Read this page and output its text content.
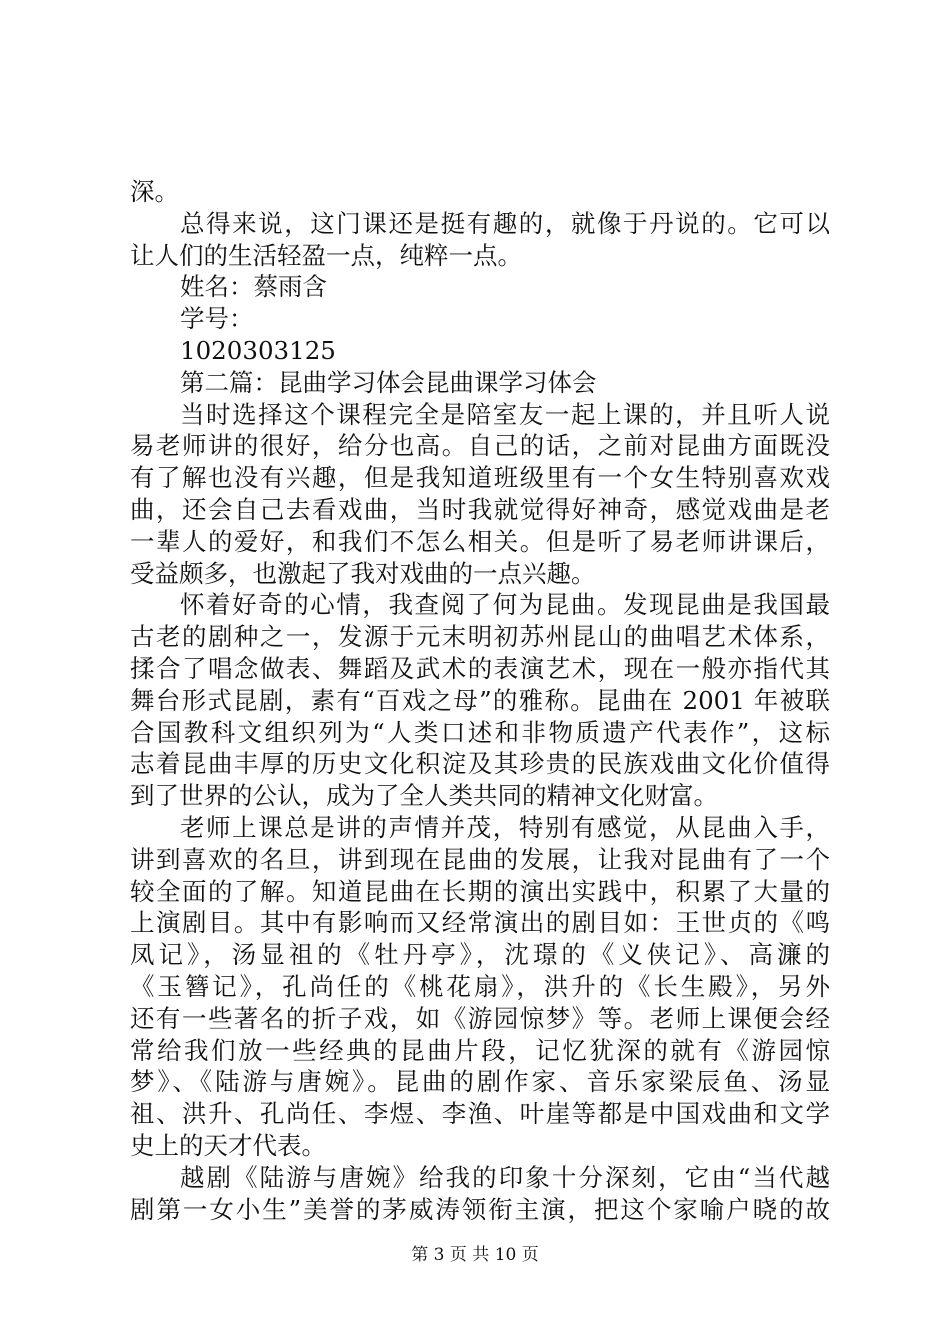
深。
总得来说，这门课还是挺有趣的，就像于丹说的。它可以
让人们的生活轻盈一点，纯粹一点。
姓名：蔡雨含
学号：
1020303125
第二篇：昆曲学习体会昆曲课学习体会
当时选择这个课程完全是陪室友一起上课的，并且听人说
易老师讲的很好，给分也高。自己的话，之前对昆曲方面既没
有了解也没有兴趣，但是我知道班级里有一个女生特别喜欢戏
曲，还会自己去看戏曲，当时我就觉得好神奇，感觉戏曲是老
一辈人的爱好，和我们不怎么相关。但是听了易老师讲课后，
受益颇多，也激起了我对戏曲的一点兴趣。
怀着好奇的心情，我查阅了何为昆曲。发现昆曲是我国最
古老的剧种之一，发源于元末明初苏州昆山的曲唱艺术体系，
揉合了唱念做表、舞蹈及武术的表演艺术，现在一般亦指代其
舞台形式昆剧，素有“百戏之母”的雅称。昆曲在 2001 年被联
合国教科文组织列为“人类口述和非物质遗产代表作”，这标
志着昆曲丰厚的历史文化积淀及其珍贵的民族戏曲文化价值得
到了世界的公认，成为了全人类共同的精神文化财富。
老师上课总是讲的声情并茂，特别有感觉，从昆曲入手，
讲到喜欢的名旦，讲到现在昆曲的发展，让我对昆曲有了一个
较全面的了解。知道昆曲在长期的演出实践中，积累了大量的
上演剧目。其中有影响而又经常演出的剧目如：王世贞的《鸣
凤记》，汤显祖的《牡丹亭》，沈璟的《义侠记》、高濂的
《玉簪记》，孔尚任的《桃花扇》，洪升的《长生殿》，另外
还有一些著名的折子戏，如《游园惊梦》等。老师上课便会经
常给我们放一些经典的昆曲片段，记忆犹深的就有《游园惊
梦》、《陆游与唐婉》。昆曲的剧作家、音乐家梁辰鱼、汤显
祖、洪升、孔尚任、李煜、李渔、叶崖等都是中国戏曲和文学
史上的天才代表。
越剧《陆游与唐婉》给我的印象十分深刻，它由“当代越
剧第一女小生”美誉的茅威涛领衔主演，把这个家喻户晓的故
第 3 页 共 10 页
